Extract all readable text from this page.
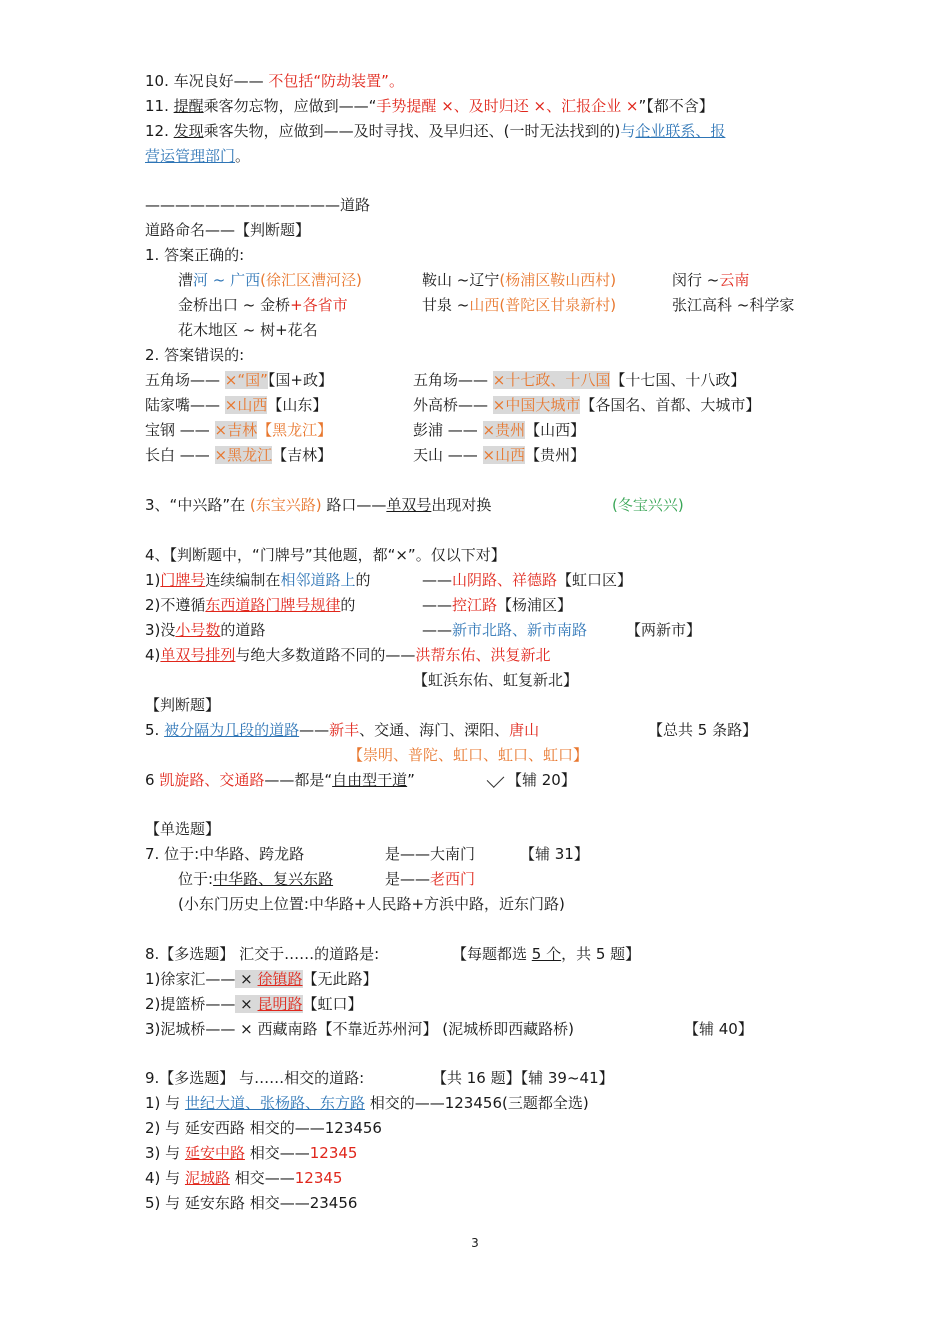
10. 车况良好—— 不包括“防劫装置”。
11. 提醒乘客勿忘物，应做到——“手势提醒 ×、及时归还 ×、汇报企业 ×”【都不含】
12. 发现乘客失物，应做到——及时寻找、及早归还、(一时无法找到的)与企业联系、报
营运管理部门。
—————————————道路
道路命名——【判断题】
1. 答案正确的:
漕河 ~ 广西(徐汇区漕河泾)	鞍山 ~辽宁(杨浦区鞍山西村)	闵行 ~云南
金桥出口 ~ 金桥+各省市	甘泉 ~山西(普陀区甘泉新村)	张江高科 ~科学家
花木地区 ~ 树+花名
2. 答案错误的:
五角场—— ×“国”【国+政】	五角场—— ×十七政、十八国【十七国、十八政】
陆家嘴—— ×山西【山东】	外高桥—— ×中国大城市【各国名、首都、大城市】
宝钢 —— ×吉林【黑龙江】	彭浦 —— ×贵州【山西】
长白 —— ×黑龙江【吉林】	天山 —— ×山西【贵州】
3、“中兴路”在 (东宝兴路) 路口——单双号出现对换	(冬宝兴兴)
4、【判断题中，“门牌号”其他题，都“×”。仅以下对】
1)门牌号连续编制在相邻道路上的	——山阴路、祥德路【虹口区】
2)不遵循东西道路门牌号规律的	——控江路【杨浦区】
3)没小号数的道路	——新市北路、新市南路	【两新市】
4)单双号排列与绝大多数道路不同的——洪帮东佑、洪复新北
【虹浜东佑、虹复新北】
【判断题】
5. 被分隔为几段的道路——新丰、交通、海门、溧阳、唐山	【总共 5 条路】
【崇明、普陀、虹口、虹口、虹口】
6 凯旋路、交通路——都是“自由型干道”	【辅 20】
【单选题】
7. 位于:中华路、跨龙路	是——大南门	【辅 31】
位于:中华路、复兴东路	是——老西门
(小东门历史上位置:中华路+人民路+方浜中路，近东门路)
8.【多选题】 汇交于……的道路是:	【每题都选 5 个，共 5 题】
1)徐家汇—— × 徐镇路【无此路】
2)提篮桥—— × 昆明路【虹口】
3)泥城桥—— × 西藏南路【不靠近苏州河】 (泥城桥即西藏路桥)	【辅 40】
9.【多选题】 与……相交的道路:	【共 16 题】【辅 39~41】
1) 与 世纪大道、张杨路、东方路 相交的——123456(三题都全选)
2) 与 延安西路 相交的——123456
3) 与 延安中路 相交——12345
4) 与 泥城路 相交——12345
5) 与 延安东路 相交——23456
3
